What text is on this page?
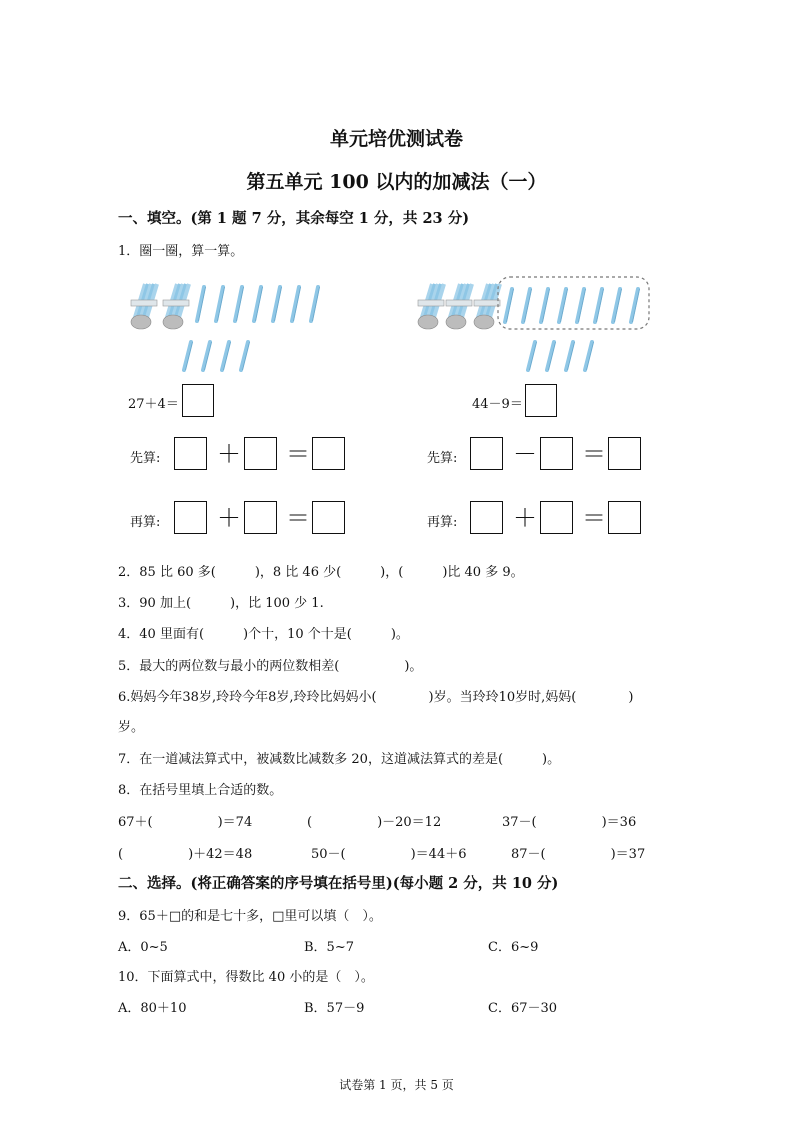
单元培优测试卷
第五单元 100 以内的加减法（一）
一、填空。(第 1 题 7 分，其余每空 1 分，共 23 分)
1．圈一圈，算一算。
27＋4＝
先算: ＋ ＝
再算: ＋ ＝
44－9＝
先算: － ＝
再算: ＋ ＝
2．85 比 60 多(　　　)，8 比 46 少(　　　)，(　　　)比 40 多 9。
3．90 加上(　　　)，比 100 少 1.
4．40 里面有(　　　)个十，10 个十是(　　　)。
5．最大的两位数与最小的两位数相差(　　　　　)。
6.妈妈今年38岁,玲玲今年8岁,玲玲比妈妈小(　　　　)岁。当玲玲10岁时,妈妈(　　　　)
岁。
7．在一道减法算式中，被减数比减数多 20，这道减法算式的差是(　　　)。
8．在括号里填上合适的数。
67＋(　　　　　)＝74	(　　　　　)－20＝12	37－(　　　　　)＝36
(　　　　　)＋42＝48	50－(　　　　　)＝44＋6	87－(　　　　　)＝37
二、选择。(将正确答案的序号填在括号里)(每小题 2 分，共 10 分)
9．65＋□的和是七十多，□里可以填（　）。
A．0~5	B．5~7	C．6~9
10．下面算式中，得数比 40 小的是（　）。
A．80＋10	B．57－9	C．67－30
试卷第 1 页，共 5 页
